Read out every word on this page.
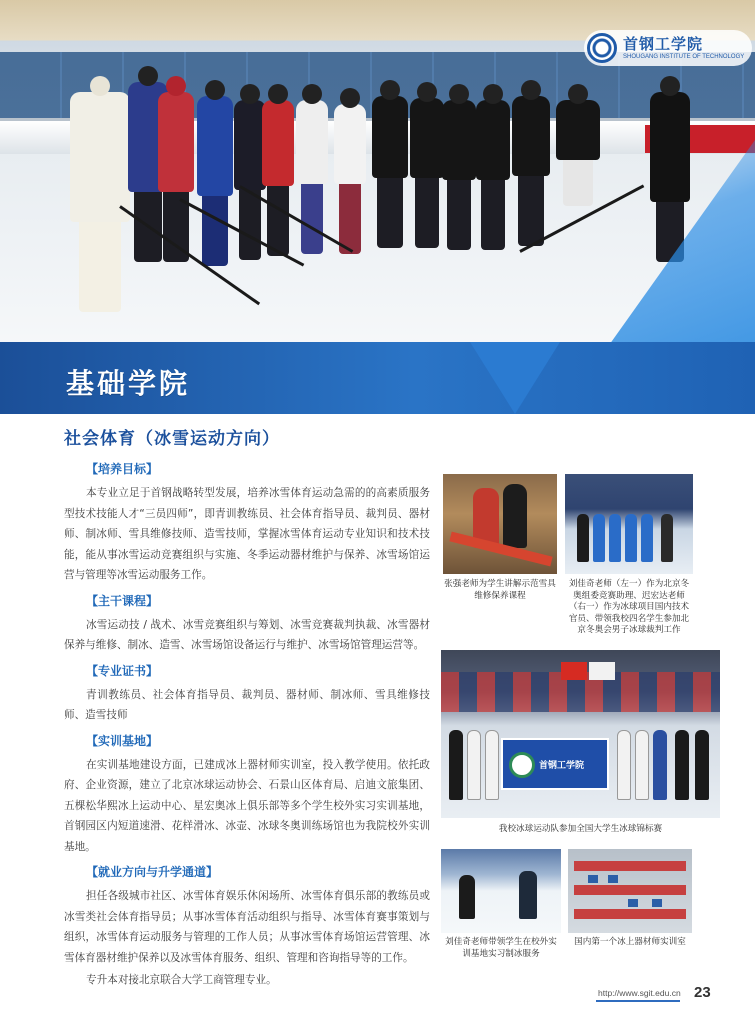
首钢工学院
SHOUGANG INSTITUTE OF TECHNOLOGY
基础学院
社会体育（冰雪运动方向）
【培养目标】

本专业立足于首钢战略转型发展，培养冰雪体育运动急需的的高素质服务型技术技能人才“三员四师”，即青训教练员、社会体育指导员、裁判员、器材师、制冰师、雪具维修技师、造雪技师，掌握冰雪体育运动专业知识和技术技能，能从事冰雪运动竞赛组织与实施、冬季运动器材维护与保养、冰雪场馆运营与管理等冰雪运动服务工作。

【主干课程】

冰雪运动技 / 战术、冰雪竞赛组织与筹划、冰雪竞赛裁判执裁、冰雪器材保养与维修、制冰、造雪、冰雪场馆设备运行与维护、冰雪场馆管理运营等。

【专业证书】

青训教练员、社会体育指导员、裁判员、器材师、制冰师、雪具维修技师、造雪技师

【实训基地】

在实训基地建设方面，已建成冰上器材师实训室，投入教学使用。依托政府、企业资源，建立了北京冰球运动协会、石景山区体育局、启迪文旅集团、五棵松华熙冰上运动中心、星宏奥冰上俱乐部等多个学生校外实习实训基地，首钢园区内短道速滑、花样滑冰、冰壶、冰球冬奥训练场馆也为我院校外实训基地。

【就业方向与升学通道】

担任各级城市社区、冰雪体育娱乐休闲场所、冰雪体育俱乐部的教练员或冰雪类社会体育指导员；从事冰雪体育活动组织与指导、冰雪体育赛事策划与组织，冰雪体育运动服务与管理的工作人员；从事冰雪体育场馆运营管理、冰雪体育器材维护保养以及冰雪体育服务、组织、管理和咨询指导等的工作。

专升本对接北京联合大学工商管理专业。

张强老师为学生讲解示范雪具维修保养课程
刘佳奇老师（左一）作为北京冬奥组委竞赛助理、迟宏达老师（右一）作为冰球项目国内技术官员、带领我校四名学生参加北京冬奥会男子冰球裁判工作
首钢工学院
我校冰球运动队参加全国大学生冰球锦标赛
刘佳奇老师带领学生在校外实训基地实习制冰服务
国内第一个冰上器材师实训室
http://www.sgit.edu.cn 23
